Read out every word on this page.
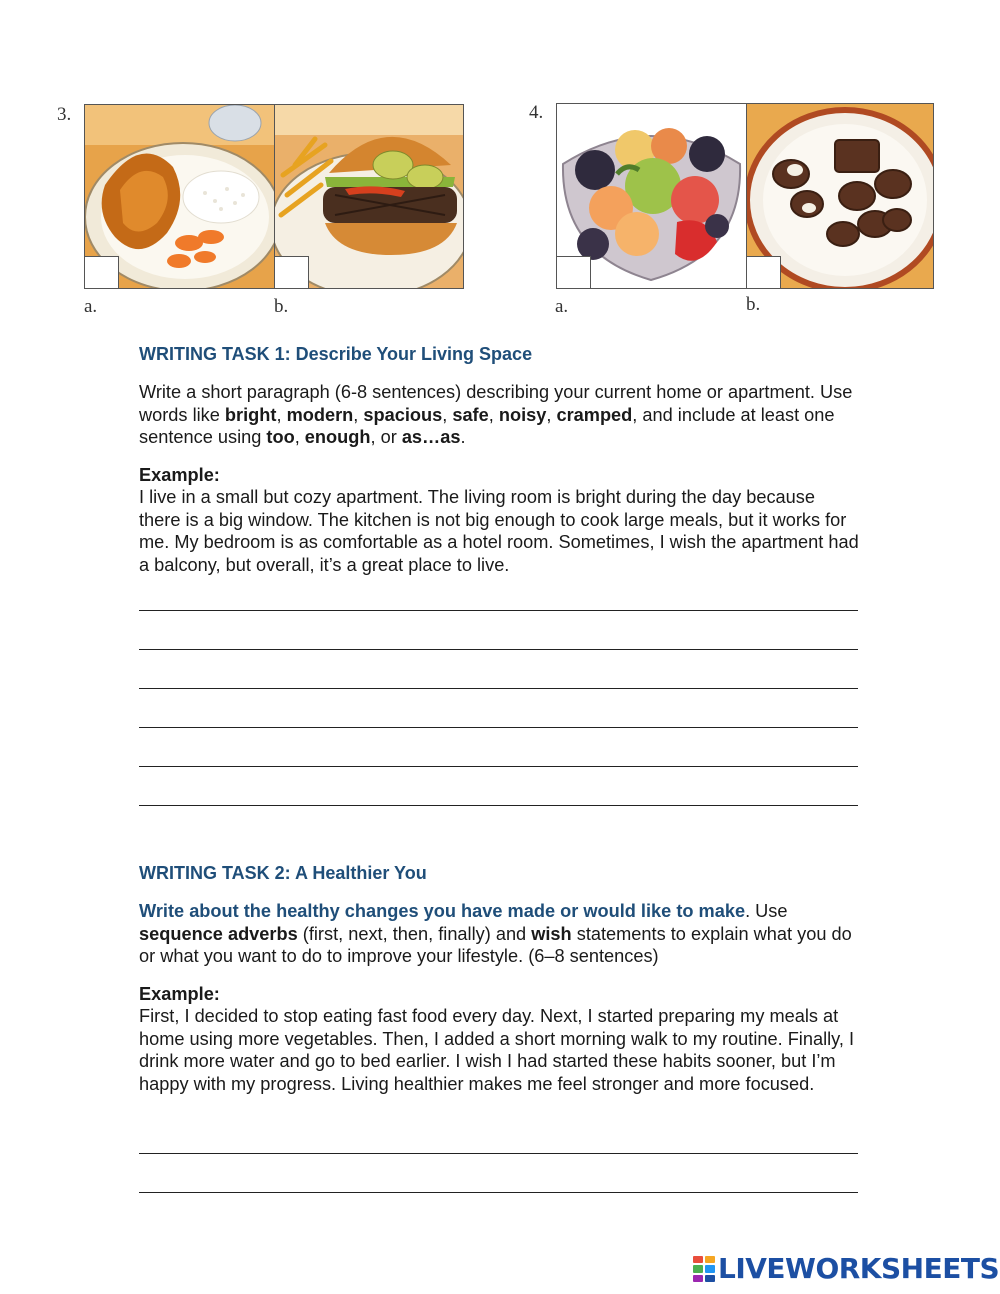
3.
a.	b.
4.
a.	b.
WRITING TASK 1: Describe Your Living Space

Write a short paragraph (6-8 sentences) describing your current home or apartment. Use words like bright, modern, spacious, safe, noisy, cramped, and include at least one sentence using too, enough, or as…as.

Example:

I live in a small but cozy apartment. The living room is bright during the day because there is a big window. The kitchen is not big enough to cook large meals, but it works for me. My bedroom is as comfortable as a hotel room. Sometimes, I wish the apartment had a balcony, but overall, it’s a great place to live.

WRITING TASK 2: A Healthier You

Write about the healthy changes you have made or would like to make. Use sequence adverbs (first, next, then, finally) and wish statements to explain what you do or what you want to do to improve your lifestyle. (6–8 sentences)

Example:

First, I decided to stop eating fast food every day. Next, I started preparing my meals at home using more vegetables. Then, I added a short morning walk to my routine. Finally, I drink more water and go to bed earlier. I wish I had started these habits sooner, but I’m happy with my progress. Living healthier makes me feel stronger and more focused.

LIVEWORKSHEETS
